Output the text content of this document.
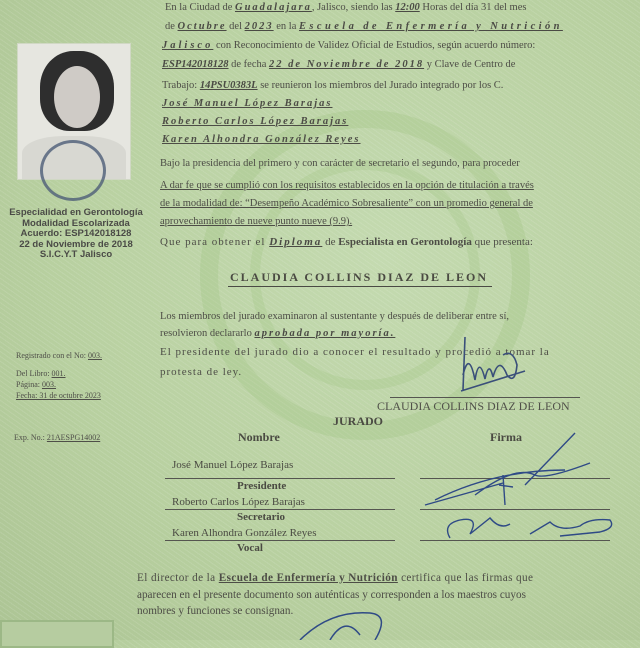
Especialidad en Gerontología
Modalidad Escolarizada
Acuerdo: ESP142018128
22 de Noviembre de 2018
S.I.C.Y.T Jalisco
Registrado con el No: 003.
Del Libro: 001.
Página: 003.
Fecha: 31 de octubre 2023
Exp. No.: 21AESPG14002
En la Ciudad de Guadalajara, Jalisco, siendo las 12:00 Horas del día 31 del mes
de Octubre del 2023 en la Escuela de Enfermería y Nutrición
Jalisco con Reconocimiento de Validez Oficial de Estudios, según acuerdo número:
ESP142018128 de fecha 22 de Noviembre de 2018 y Clave de Centro de
Trabajo: 14PSU0383L se reunieron los miembros del Jurado integrado por los C.
José Manuel López Barajas
Roberto Carlos López Barajas
Karen Alhondra González Reyes
Bajo la presidencia del primero y con carácter de secretario el segundo, para proceder
A dar fe que se cumplió con los requisitos establecidos en la opción de titulación a través
de la modalidad de: “Desempeño Académico Sobresaliente” con un promedio general de
aprovechamiento de nueve punto nueve (9.9).
Que para obtener el Diploma de Especialista en Gerontología que presenta:
CLAUDIA COLLINS DIAZ DE LEON
Los miembros del jurado examinaron al sustentante y después de deliberar entre sí,
resolvieron declararlo aprobada por mayoría.
El presidente del jurado dio a conocer el resultado y procedió a tomar la
protesta de ley.
CLAUDIA COLLINS DIAZ DE LEON
JURADO
Nombre	Firma
José Manuel López Barajas
Presidente
Roberto Carlos López Barajas
Secretario
Karen Alhondra González Reyes
Vocal
El director de la Escuela de Enfermería y Nutrición certifica que las firmas que
aparecen en el presente documento son auténticas y corresponden a los maestros cuyos
nombres y funciones se consignan.
